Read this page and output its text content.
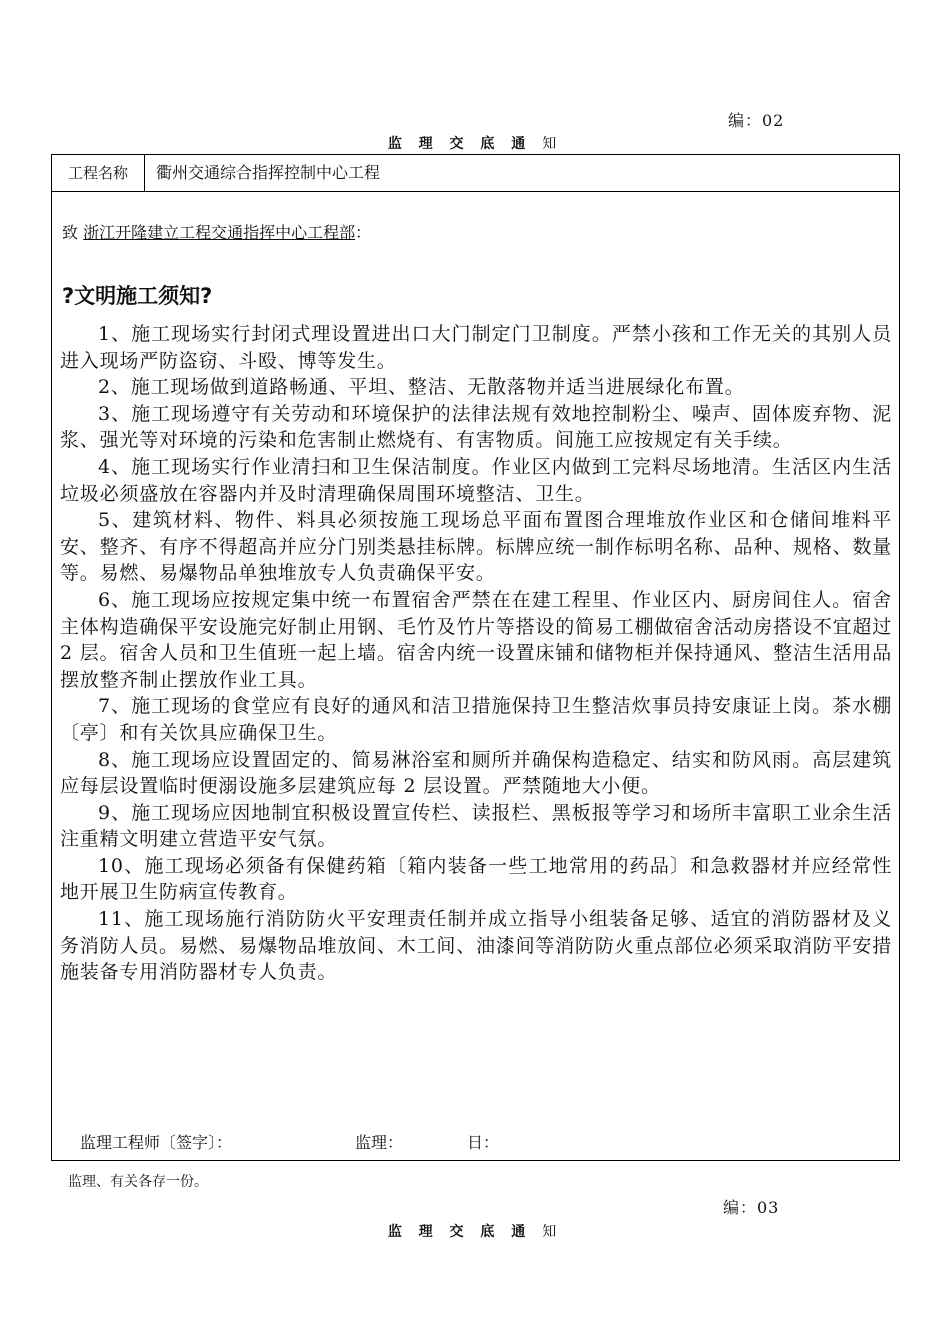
编：02
监 理 交 底 通 知
工程名称	衢州交通综合指挥控制中心工程
致 浙江开隆建立工程交通指挥中心工程部：
?文明施工须知?

1、施工现场实行封闭式理设置进出口大门制定门卫制度。严禁小孩和工作无关的其别人员进入现场严防盗窃、斗殴、博等发生。

2、施工现场做到道路畅通、平坦、整洁、无散落物并适当进展绿化布置。

3、施工现场遵守有关劳动和环境保护的法律法规有效地控制粉尘、噪声、固体废弃物、泥浆、强光等对环境的污染和危害制止燃烧有、有害物质。间施工应按规定有关手续。

4、施工现场实行作业清扫和卫生保洁制度。作业区内做到工完料尽场地清。生活区内生活垃圾必须盛放在容器内并及时清理确保周围环境整洁、卫生。

5、建筑材料、物件、料具必须按施工现场总平面布置图合理堆放作业区和仓储间堆料平安、整齐、有序不得超高并应分门别类悬挂标牌。标牌应统一制作标明名称、品种、规格、数量等。易燃、易爆物品单独堆放专人负责确保平安。

6、施工现场应按规定集中统一布置宿舍严禁在在建工程里、作业区内、厨房间住人。宿舍主体构造确保平安设施完好制止用钢、毛竹及竹片等搭设的简易工棚做宿舍活动房搭设不宜超过 2 层。宿舍人员和卫生值班一起上墙。宿舍内统一设置床铺和储物柜并保持通风、整洁生活用品摆放整齐制止摆放作业工具。

7、施工现场的食堂应有良好的通风和洁卫措施保持卫生整洁炊事员持安康证上岗。茶水棚〔亭〕和有关饮具应确保卫生。

8、施工现场应设置固定的、简易淋浴室和厕所并确保构造稳定、结实和防风雨。高层建筑应每层设置临时便溺设施多层建筑应每 2 层设置。严禁随地大小便。

9、施工现场应因地制宜积极设置宣传栏、读报栏、黑板报等学习和场所丰富职工业余生活注重精文明建立营造平安气氛。

10、施工现场必须备有保健药箱〔箱内装备一些工地常用的药品〕和急救器材并应经常性地开展卫生防病宣传教育。

11、施工现场施行消防防火平安理责任制并成立指导小组装备足够、适宜的消防器材及义务消防人员。易燃、易爆物品堆放间、木工间、油漆间等消防防火重点部位必须采取消防平安措施装备专用消防器材专人负责。

监理工程师〔签字〕：	监理：	日：
监理、有关各存一份。
编：03
监 理 交 底 通 知
